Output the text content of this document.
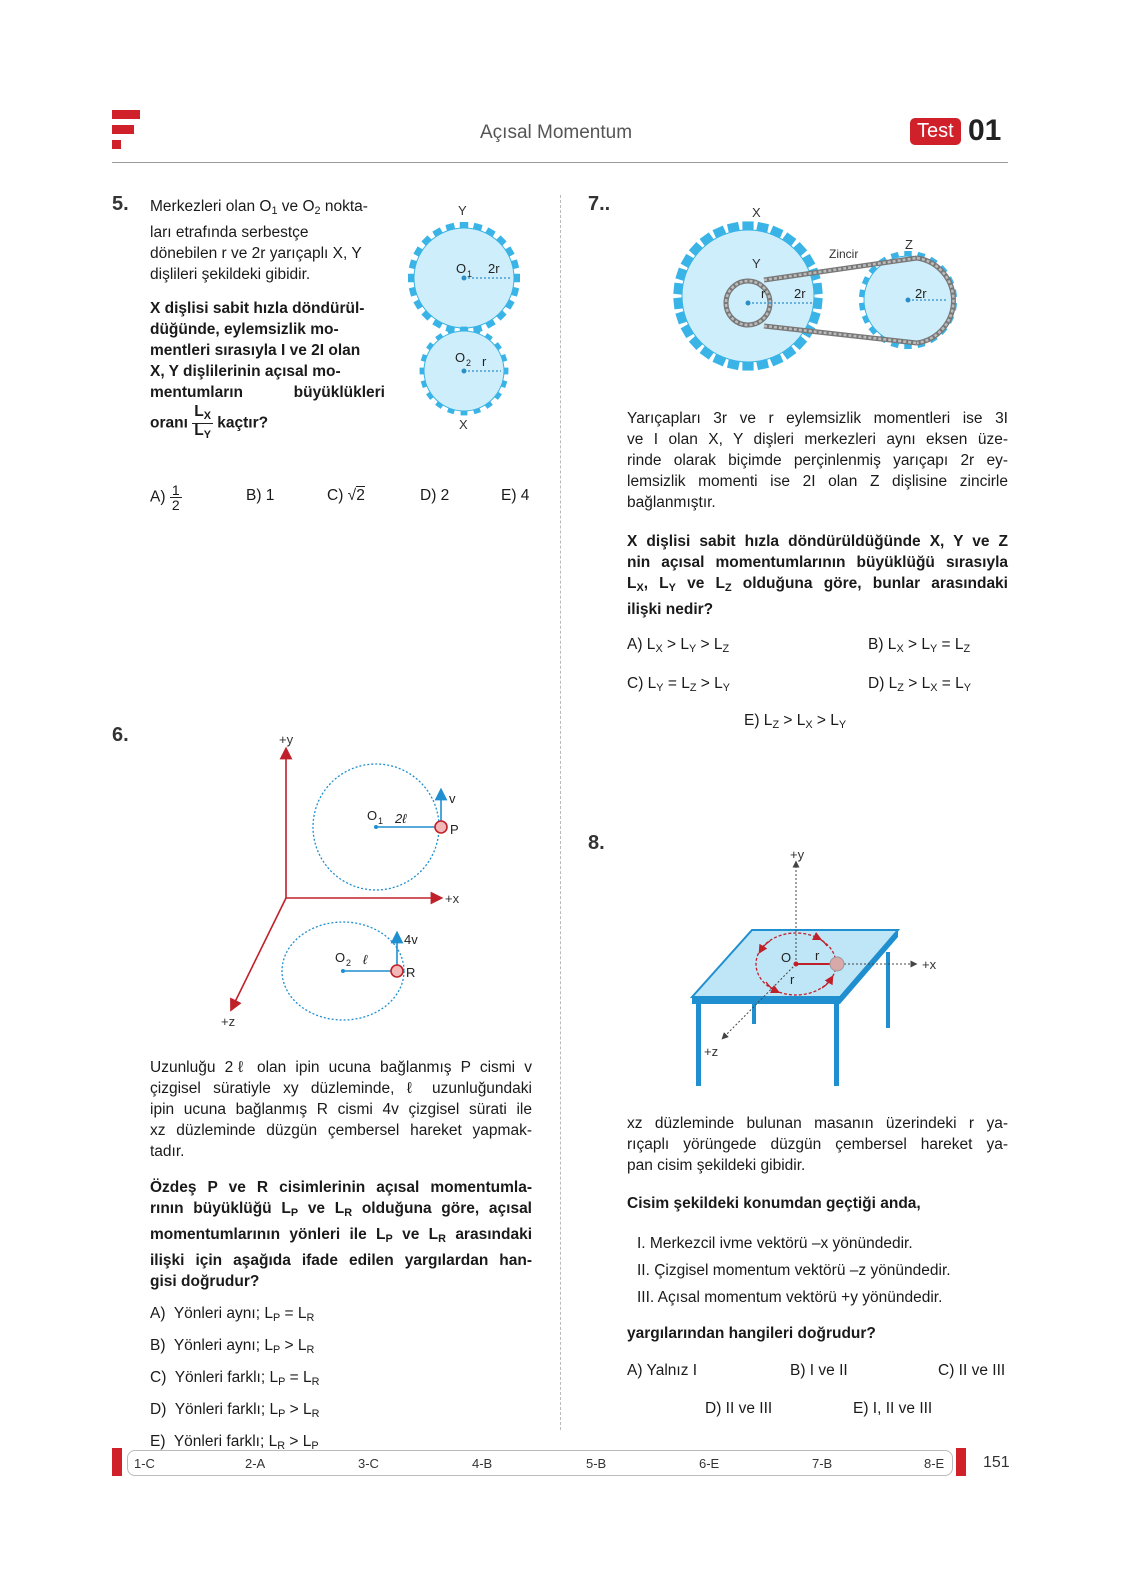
Açısal Momentum	Test 01
5. Merkezleri olan $O_1$ ve $O_2$ nokta-
ları etrafında serbestçe
dönebilen r ve 2r yarıçaplı X, Y
dişlileri şekildeki gibidir.
X dişlisi sabit hızla döndürül-
düğünde, eylemsizlik mo-
mentleri sırasıyla I ve 2I olan
X, Y dişlilerinin açısal mo-
mentumların büyüklükleri
oranı $\frac{L_X}{L_Y}$ kaçtır?
Y
O 1 2r
O 2 r
X
$A) \frac{1}{2}$	B) 1	C) √2	D) 2	E) 4
6.	+y
+x
+z
O 1 2ℓ
v
P
O 2 ℓ
4v
R
Uzunluğu 2ℓ olan ipin ucuna bağlanmış P cismi v
çizgisel süratiyle xy düzleminde, ℓ uzunluğundaki
ipin ucuna bağlanmış R cismi 4v çizgisel sürati ile
xz düzleminde düzgün çembersel hareket yapmak-
tadır.
Özdeş P ve R cisimlerinin açısal momentumla-
rının büyüklüğü $L_P$ ve $L_R$ olduğuna göre, açısal
momentumlarının yönleri ile $L_P$ ve $L_R$ arasındaki
ilişki için aşağıda ifade edilen yargılardan han-
gisi doğrudur?
A) Yönleri aynı; $L_P = L_R$
B) Yönleri aynı; $L_P > L_R$
C) Yönleri farklı; $L_P = L_R$
D) Yönleri farklı; $L_P > L_R$
E) Yönleri farklı; $L_R > L_P$
7..	X
Y
Z
Zincir
r 2r	2r
Yarıçapları 3r ve r eylemsizlik momentleri ise 3I
ve I olan X, Y dişleri merkezleri aynı eksen üze-
rinde olarak biçimde perçinlenmiş yarıçapı 2r ey-
lemsizlik momenti ise 2I olan Z dişlisine zincirle
bağlanmıştır.
X dişlisi sabit hızla döndürüldüğünde X, Y ve Z
nin açısal momentumlarının büyüklüğü sırasıyla
$L_X$, $L_Y$ ve $L_Z$ olduğuna göre, bunlar arasındaki
ilişki nedir?
A) $L_X > L_Y > L_Z$	B) $L_X > L_Y = L_Z$
C) $L_Y = L_Z > L_Y$	D) $L_Z > L_X = L_Y$
E) $L_Z > L_X > L_Y$
8.
+y
+x
+z
O r
r
xz düzleminde bulunan masanın üzerindeki r ya-
rıçaplı yörüngede düzgün çembersel hareket ya-
pan cisim şekildeki gibidir.
Cisim şekildeki konumdan geçtiği anda,
I. Merkezcil ivme vektörü –x yönündedir.
II. Çizgisel momentum vektörü –z yönündedir.
III. Açısal momentum vektörü +y yönündedir.
yargılarından hangileri doğrudur?
A) Yalnız I	B) I ve II	C) II ve III
D) II ve III	E) I, II ve III
1-C	2-A	3-C	4-B	5-B	6-E	7-B	8-E 151
